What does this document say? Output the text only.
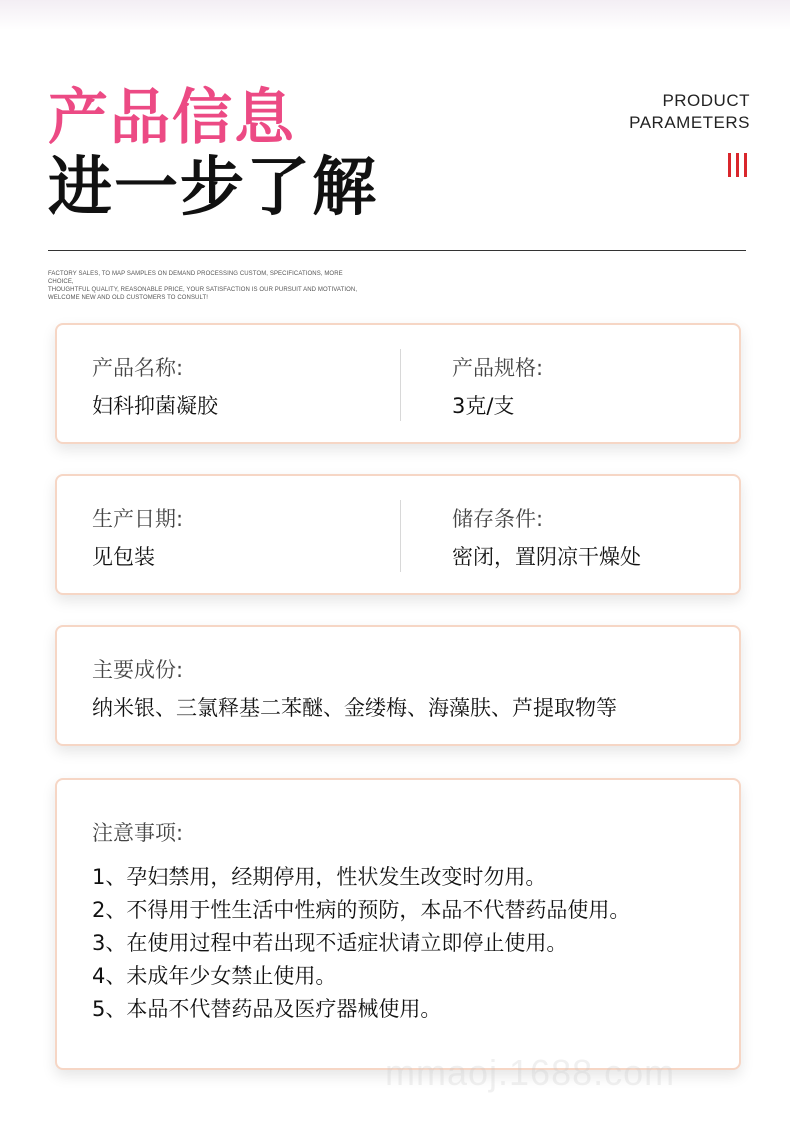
产品信息
进一步了解
PRODUCT
PARAMETERS
FACTORY SALES, TO MAP SAMPLES ON DEMAND PROCESSING CUSTOM, SPECIFICATIONS, MORE CHOICE,
THOUGHTFUL QUALITY, REASONABLE PRICE, YOUR SATISFACTION IS OUR PURSUIT AND MOTIVATION,
WELCOME NEW AND OLD CUSTOMERS TO CONSULT!
产品名称:
妇科抑菌凝胶
产品规格:
3克/支
生产日期:
见包装
储存条件:
密闭，置阴凉干燥处
主要成份:
纳米银、三氯释基二苯醚、金缕梅、海藻肤、芦提取物等
注意事项:
1、孕妇禁用，经期停用，性状发生改变时勿用。
2、不得用于性生活中性病的预防，本品不代替药品使用。
3、在使用过程中若出现不适症状请立即停止使用。
4、未成年少女禁止使用。
5、本品不代替药品及医疗器械使用。
mmaoj.1688.com
